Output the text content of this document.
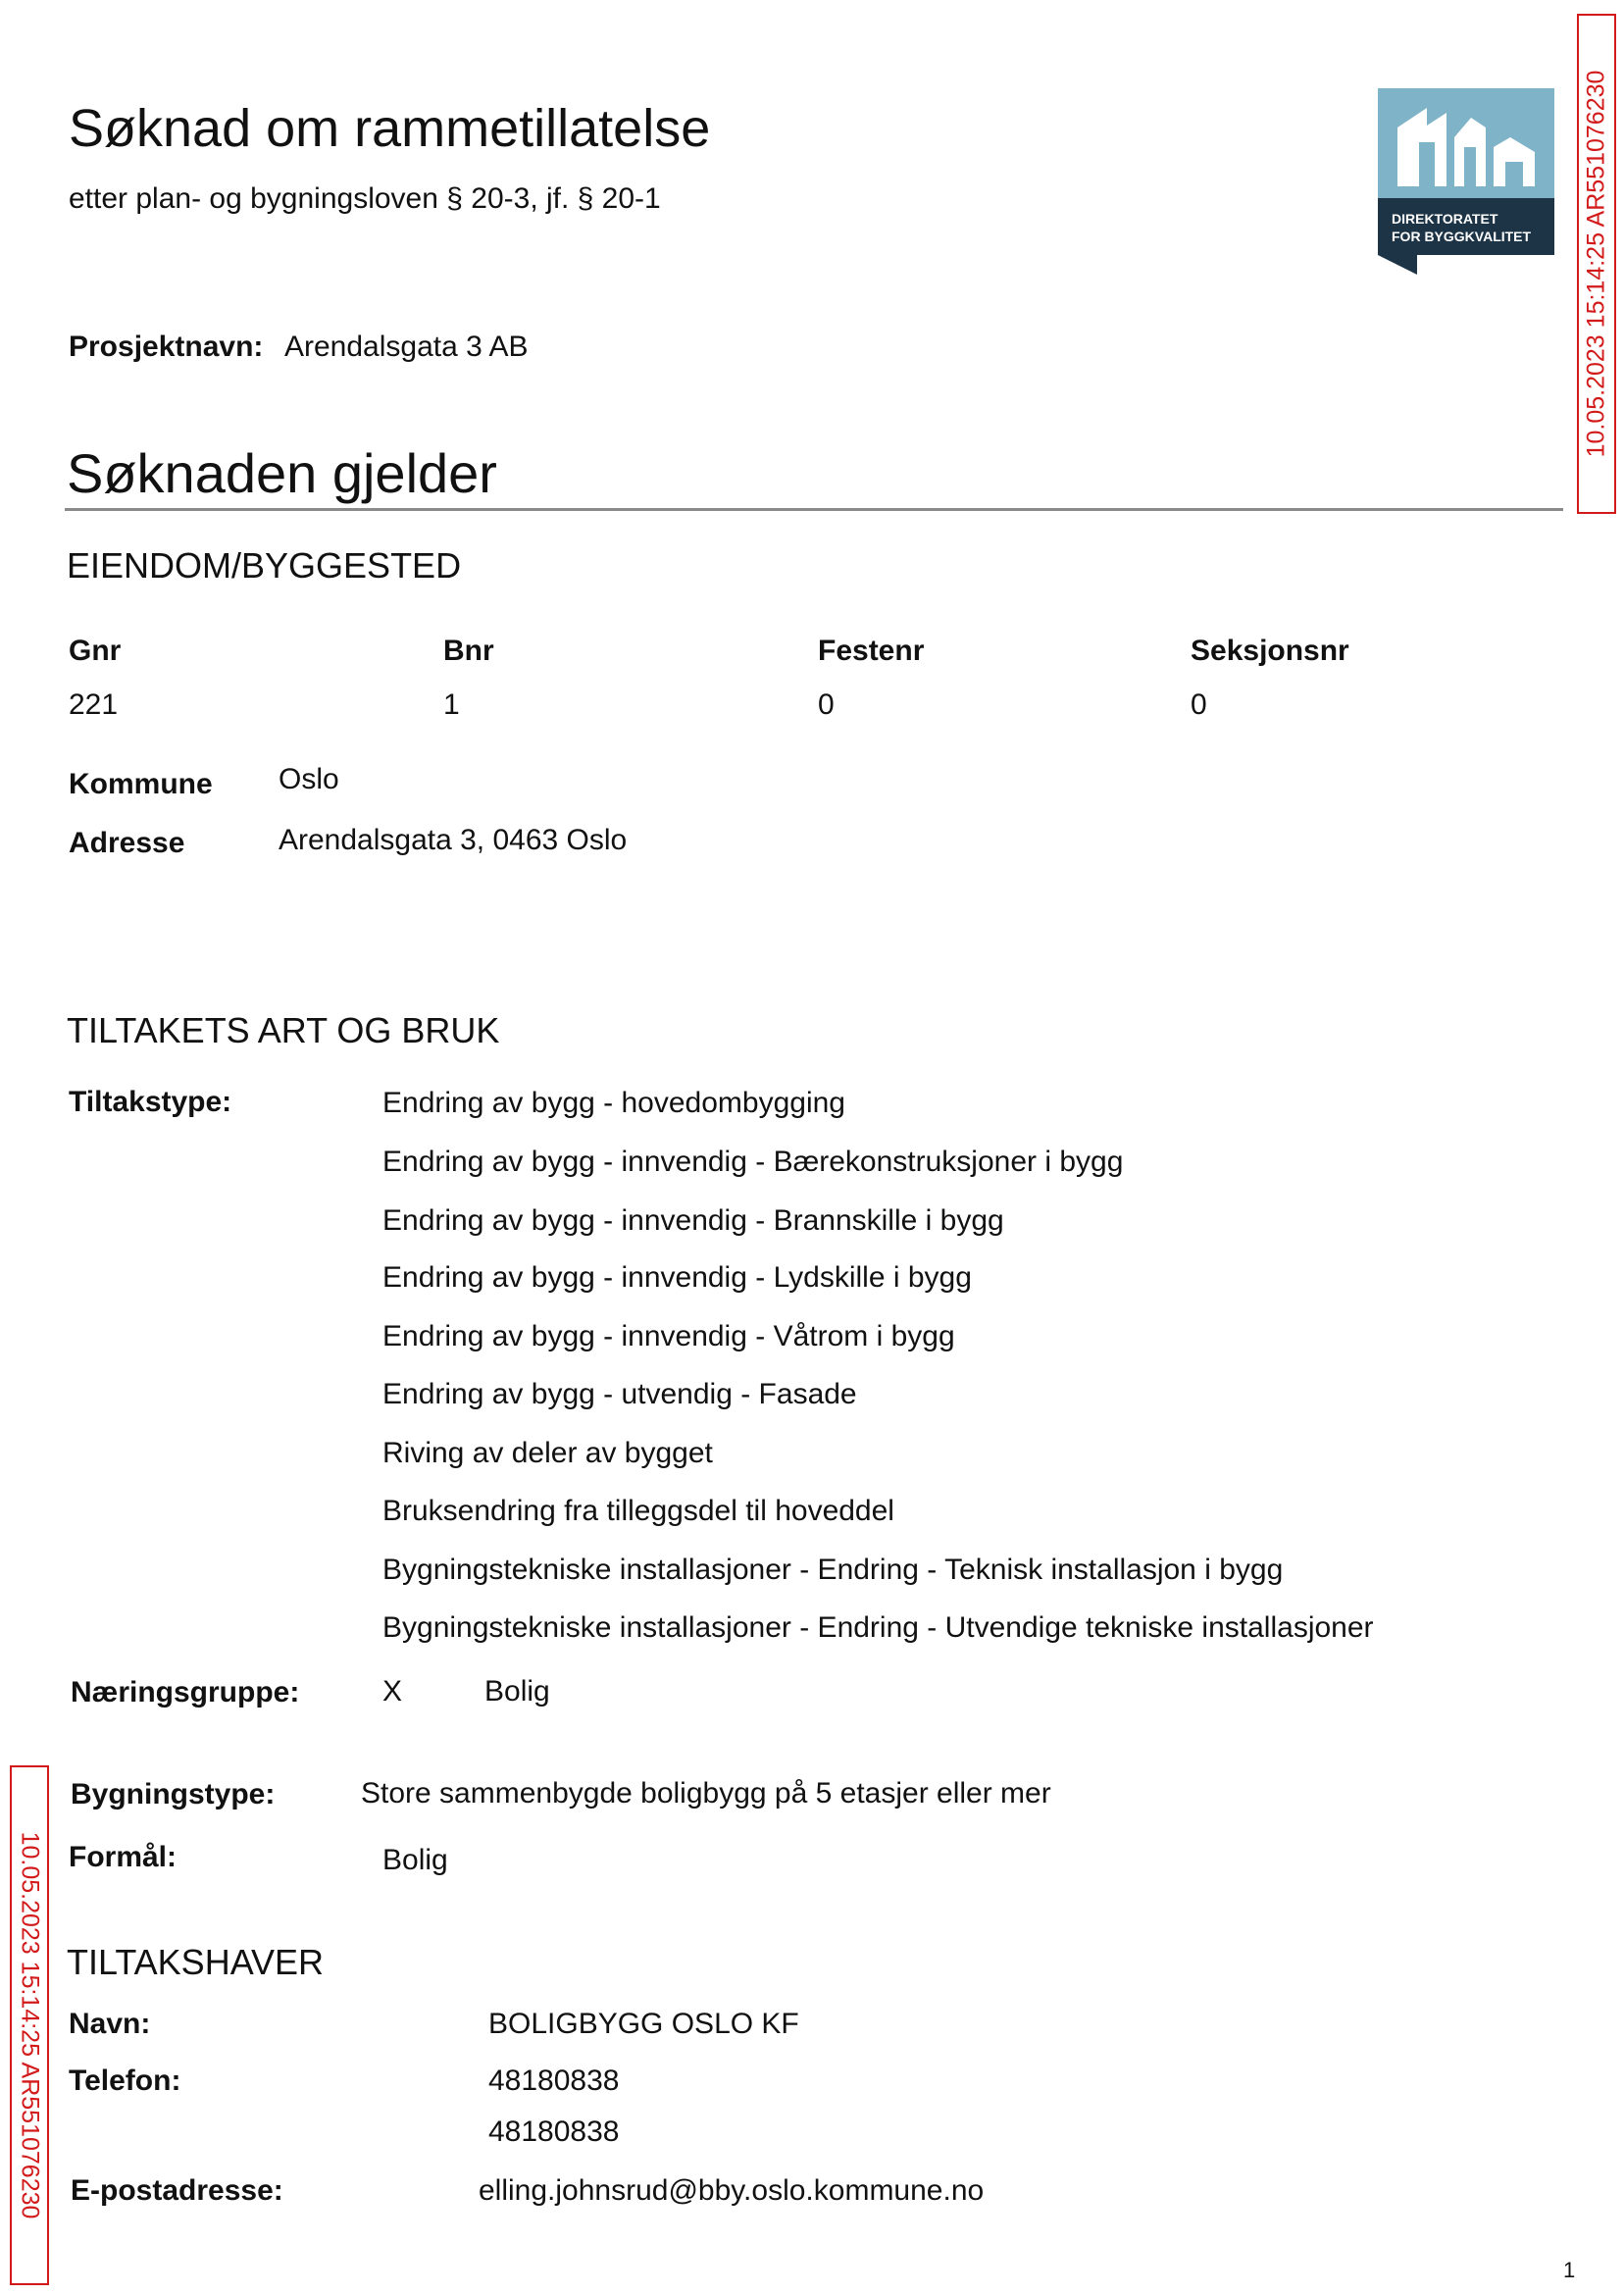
Søknad om rammetillatelse
etter plan- og bygningsloven § 20-3, jf. § 20-1
DIREKTORATET
FOR BYGGKVALITET 10.05.2023 15:14:25 AR551076230
10.05.2023 15:14:25 AR551076230
Prosjektnavn: Arendalsgata 3 AB
Søknaden gjelder
EIENDOM/BYGGESTED
Gnr	Bnr	Festenr	Seksjonsnr
221	1	0	0
Kommune Oslo
Adresse	Arendalsgata 3, 0463 Oslo
TILTAKETS ART OG BRUK
Tiltakstype:	Endring av bygg - hovedombygging
Endring av bygg - innvendig - Bærekonstruksjoner i bygg
Endring av bygg - innvendig - Brannskille i bygg
Endring av bygg - innvendig - Lydskille i bygg
Endring av bygg - innvendig - Våtrom i bygg
Endring av bygg - utvendig - Fasade
Riving av deler av bygget
Bruksendring fra tilleggsdel til hoveddel
Bygningstekniske installasjoner - Endring - Teknisk installasjon i bygg
Bygningstekniske installasjoner - Endring - Utvendige tekniske installasjoner
Næringsgruppe:	X	Bolig
Bygningstype:	Store sammenbygde boligbygg på 5 etasjer eller mer
Formål:	Bolig
TILTAKSHAVER
Navn:	BOLIGBYGG OSLO KF
Telefon:	48180838
48180838
E-postadresse:	elling.johnsrud@bby.oslo.kommune.no
1
